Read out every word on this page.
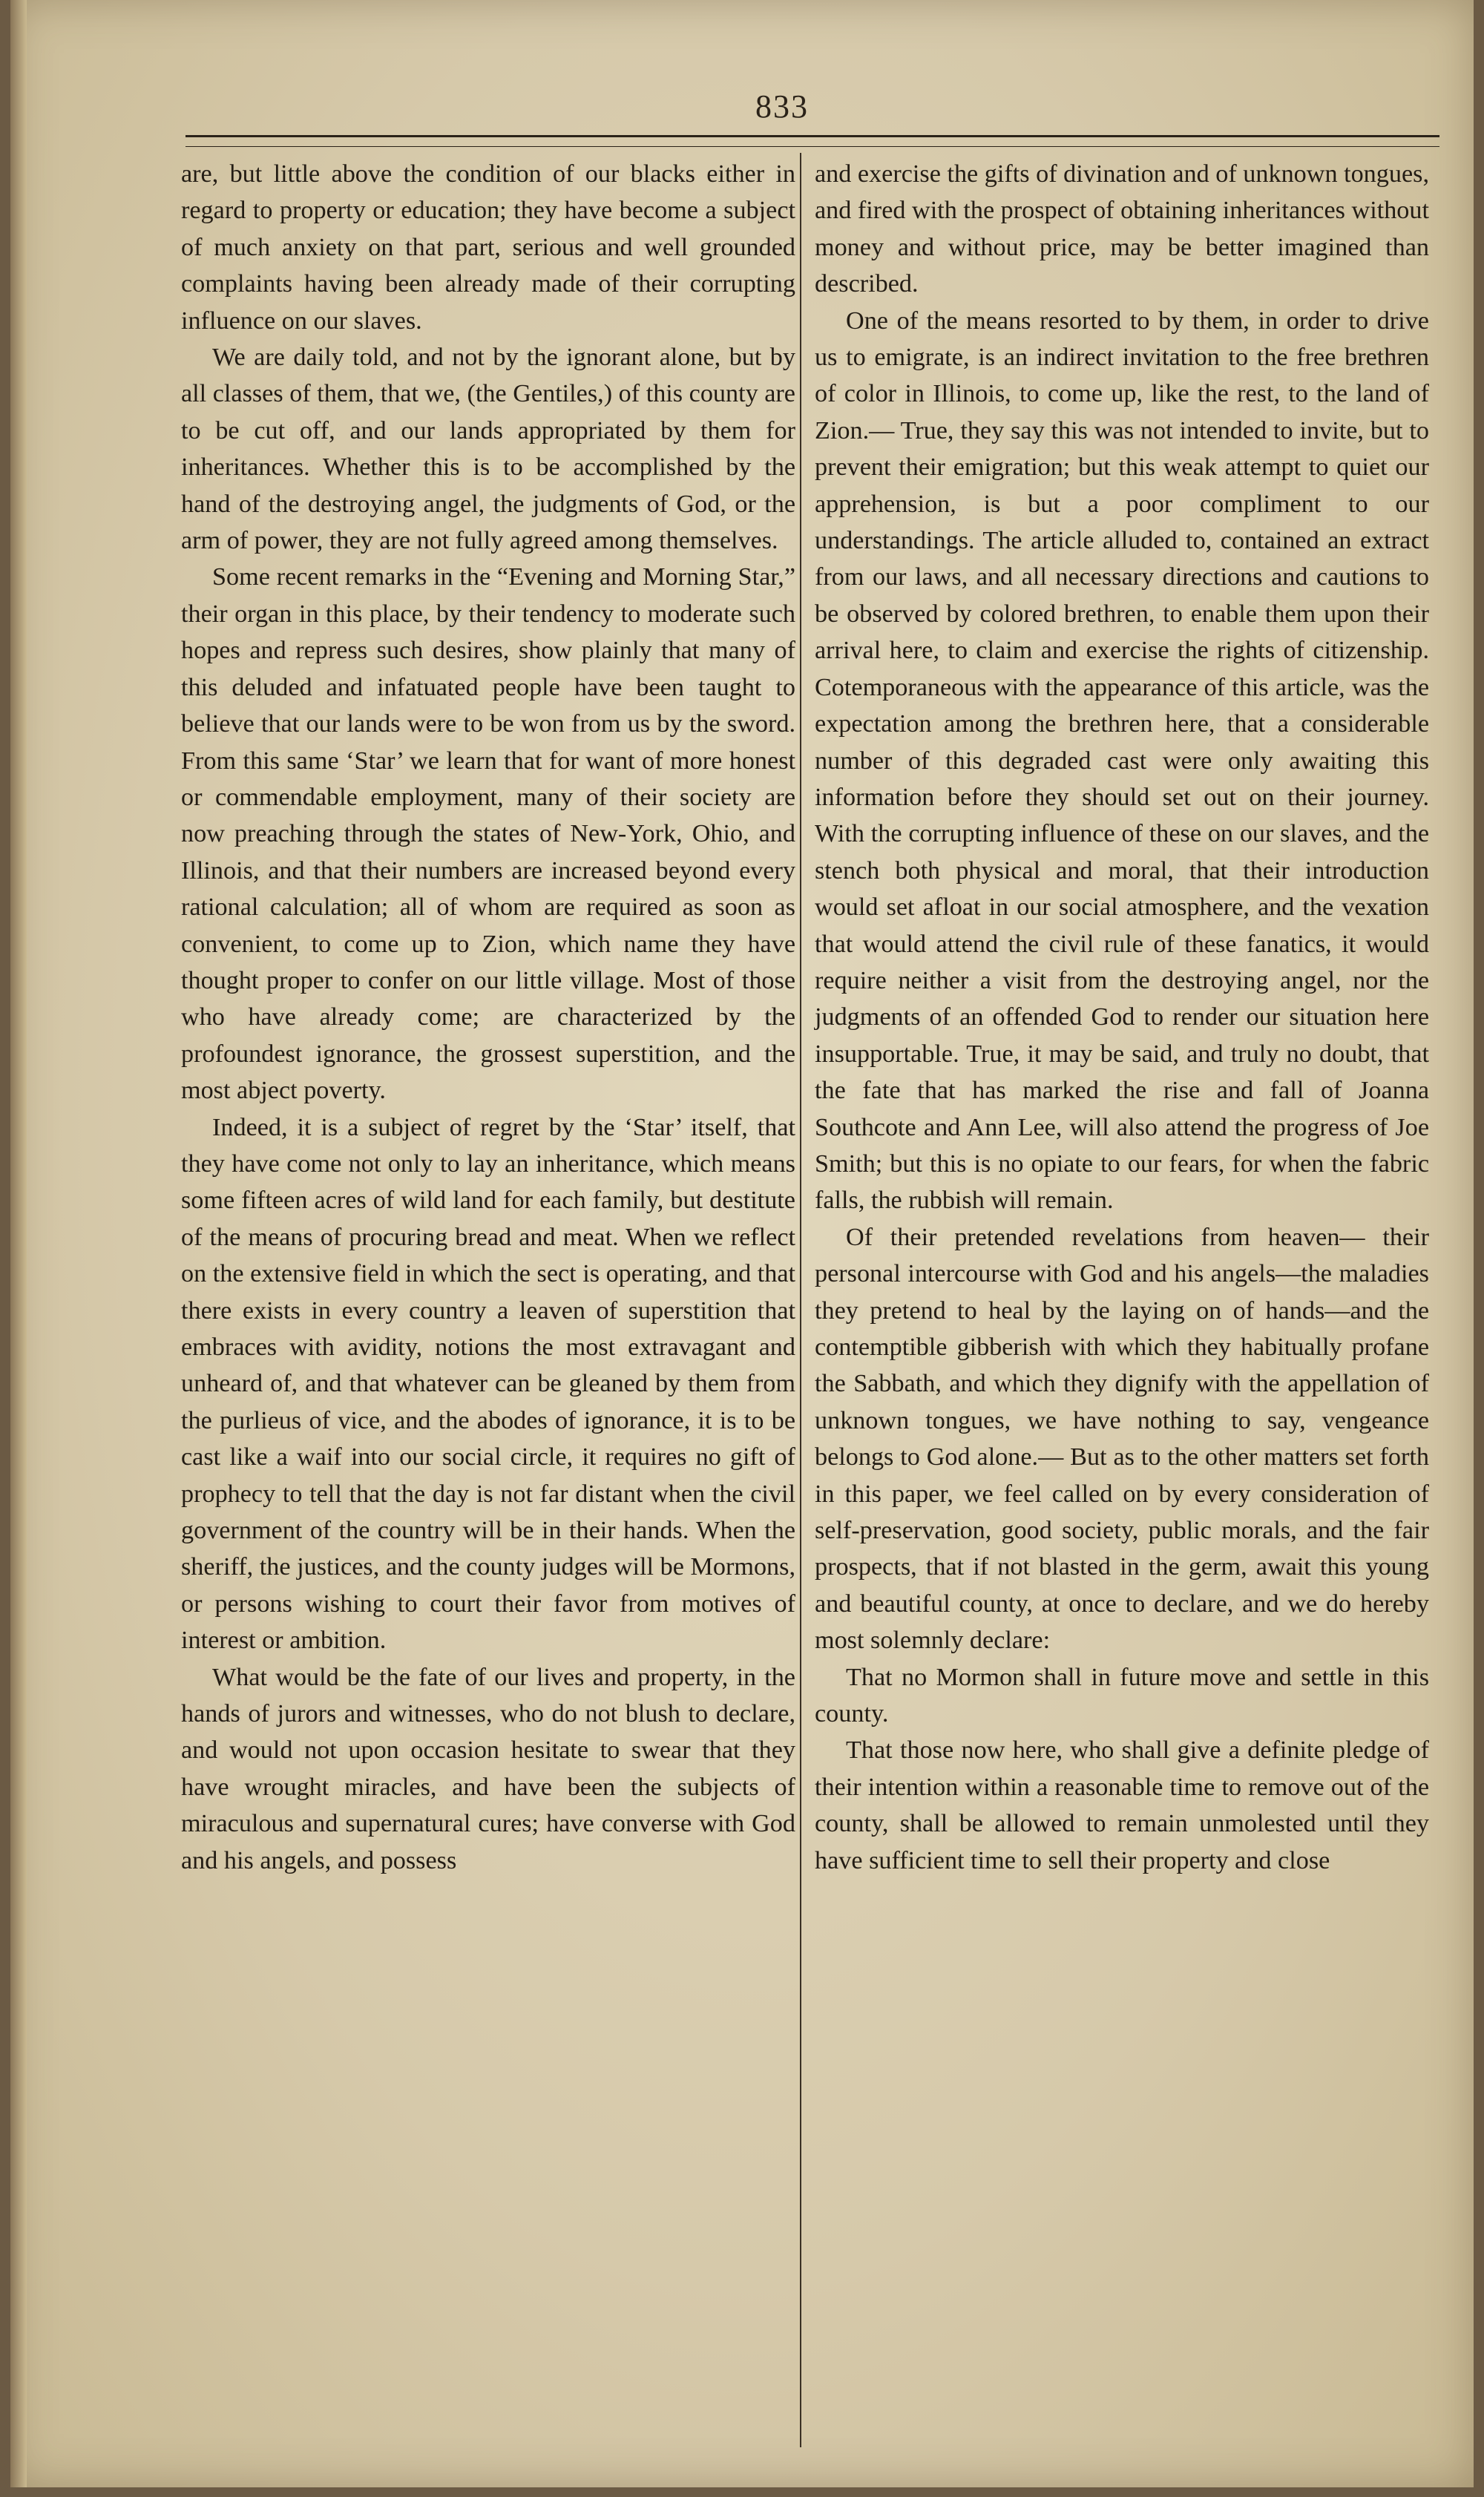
833

are, but little above the condition of our blacks either in regard to property or education; they have become a subject of much anxiety on that part, serious and well grounded complaints having been already made of their corrupting influence on our slaves.

We are daily told, and not by the ignorant alone, but by all classes of them, that we, (the Gentiles,) of this county are to be cut off, and our lands appropriated by them for inheritances. Whether this is to be accomplished by the hand of the destroying angel, the judgments of God, or the arm of power, they are not fully agreed among themselves.

Some recent remarks in the “Evening and Morning Star,” their organ in this place, by their tendency to moderate such hopes and repress such desires, show plainly that many of this deluded and infatuated people have been taught to believe that our lands were to be won from us by the sword. From this same ‘Star’ we learn that for want of more honest or commendable employment, many of their society are now preaching through the states of New-York, Ohio, and Illinois, and that their numbers are increased beyond every rational calculation; all of whom are required as soon as convenient, to come up to Zion, which name they have thought proper to confer on our little village. Most of those who have already come; are characterized by the profoundest ignorance, the grossest superstition, and the most abject poverty.

Indeed, it is a subject of regret by the ‘Star’ itself, that they have come not only to lay an inheritance, which means some fifteen acres of wild land for each family, but destitute of the means of procuring bread and meat. When we reflect on the extensive field in which the sect is operating, and that there exists in every country a leaven of superstition that embraces with avidity, notions the most extravagant and unheard of, and that whatever can be gleaned by them from the purlieus of vice, and the abodes of ignorance, it is to be cast like a waif into our social circle, it requires no gift of prophecy to tell that the day is not far distant when the civil government of the country will be in their hands. When the sheriff, the justices, and the county judges will be Mormons, or persons wishing to court their favor from motives of interest or ambition.

What would be the fate of our lives and property, in the hands of jurors and witnesses, who do not blush to declare, and would not upon occasion hesitate to swear that they have wrought miracles, and have been the subjects of miraculous and supernatural cures; have converse with God and his angels, and possess

and exercise the gifts of divination and of unknown tongues, and fired with the prospect of obtaining inheritances without money and without price, may be better imagined than described.

One of the means resorted to by them, in order to drive us to emigrate, is an indirect invitation to the free brethren of color in Illinois, to come up, like the rest, to the land of Zion.— True, they say this was not intended to invite, but to prevent their emigration; but this weak attempt to quiet our apprehension, is but a poor compliment to our understandings. The article alluded to, contained an extract from our laws, and all necessary directions and cautions to be observed by colored brethren, to enable them upon their arrival here, to claim and exercise the rights of citizenship. Cotemporaneous with the appearance of this article, was the expectation among the brethren here, that a considerable number of this degraded cast were only awaiting this information before they should set out on their journey. With the corrupting influence of these on our slaves, and the stench both physical and moral, that their introduction would set afloat in our social atmosphere, and the vexation that would attend the civil rule of these fanatics, it would require neither a visit from the destroying angel, nor the judgments of an offended God to render our situation here insupportable. True, it may be said, and truly no doubt, that the fate that has marked the rise and fall of Joanna Southcote and Ann Lee, will also attend the progress of Joe Smith; but this is no opiate to our fears, for when the fabric falls, the rubbish will remain.

Of their pretended revelations from heaven— their personal intercourse with God and his angels—the maladies they pretend to heal by the laying on of hands—and the contemptible gibberish with which they habitually profane the Sabbath, and which they dignify with the appellation of unknown tongues, we have nothing to say, vengeance belongs to God alone.— But as to the other matters set forth in this paper, we feel called on by every consideration of self-preservation, good society, public morals, and the fair prospects, that if not blasted in the germ, await this young and beautiful county, at once to declare, and we do hereby most solemnly declare:

That no Mormon shall in future move and settle in this county.

That those now here, who shall give a definite pledge of their intention within a reasonable time to remove out of the county, shall be allowed to remain unmolested until they have sufficient time to sell their property and close
